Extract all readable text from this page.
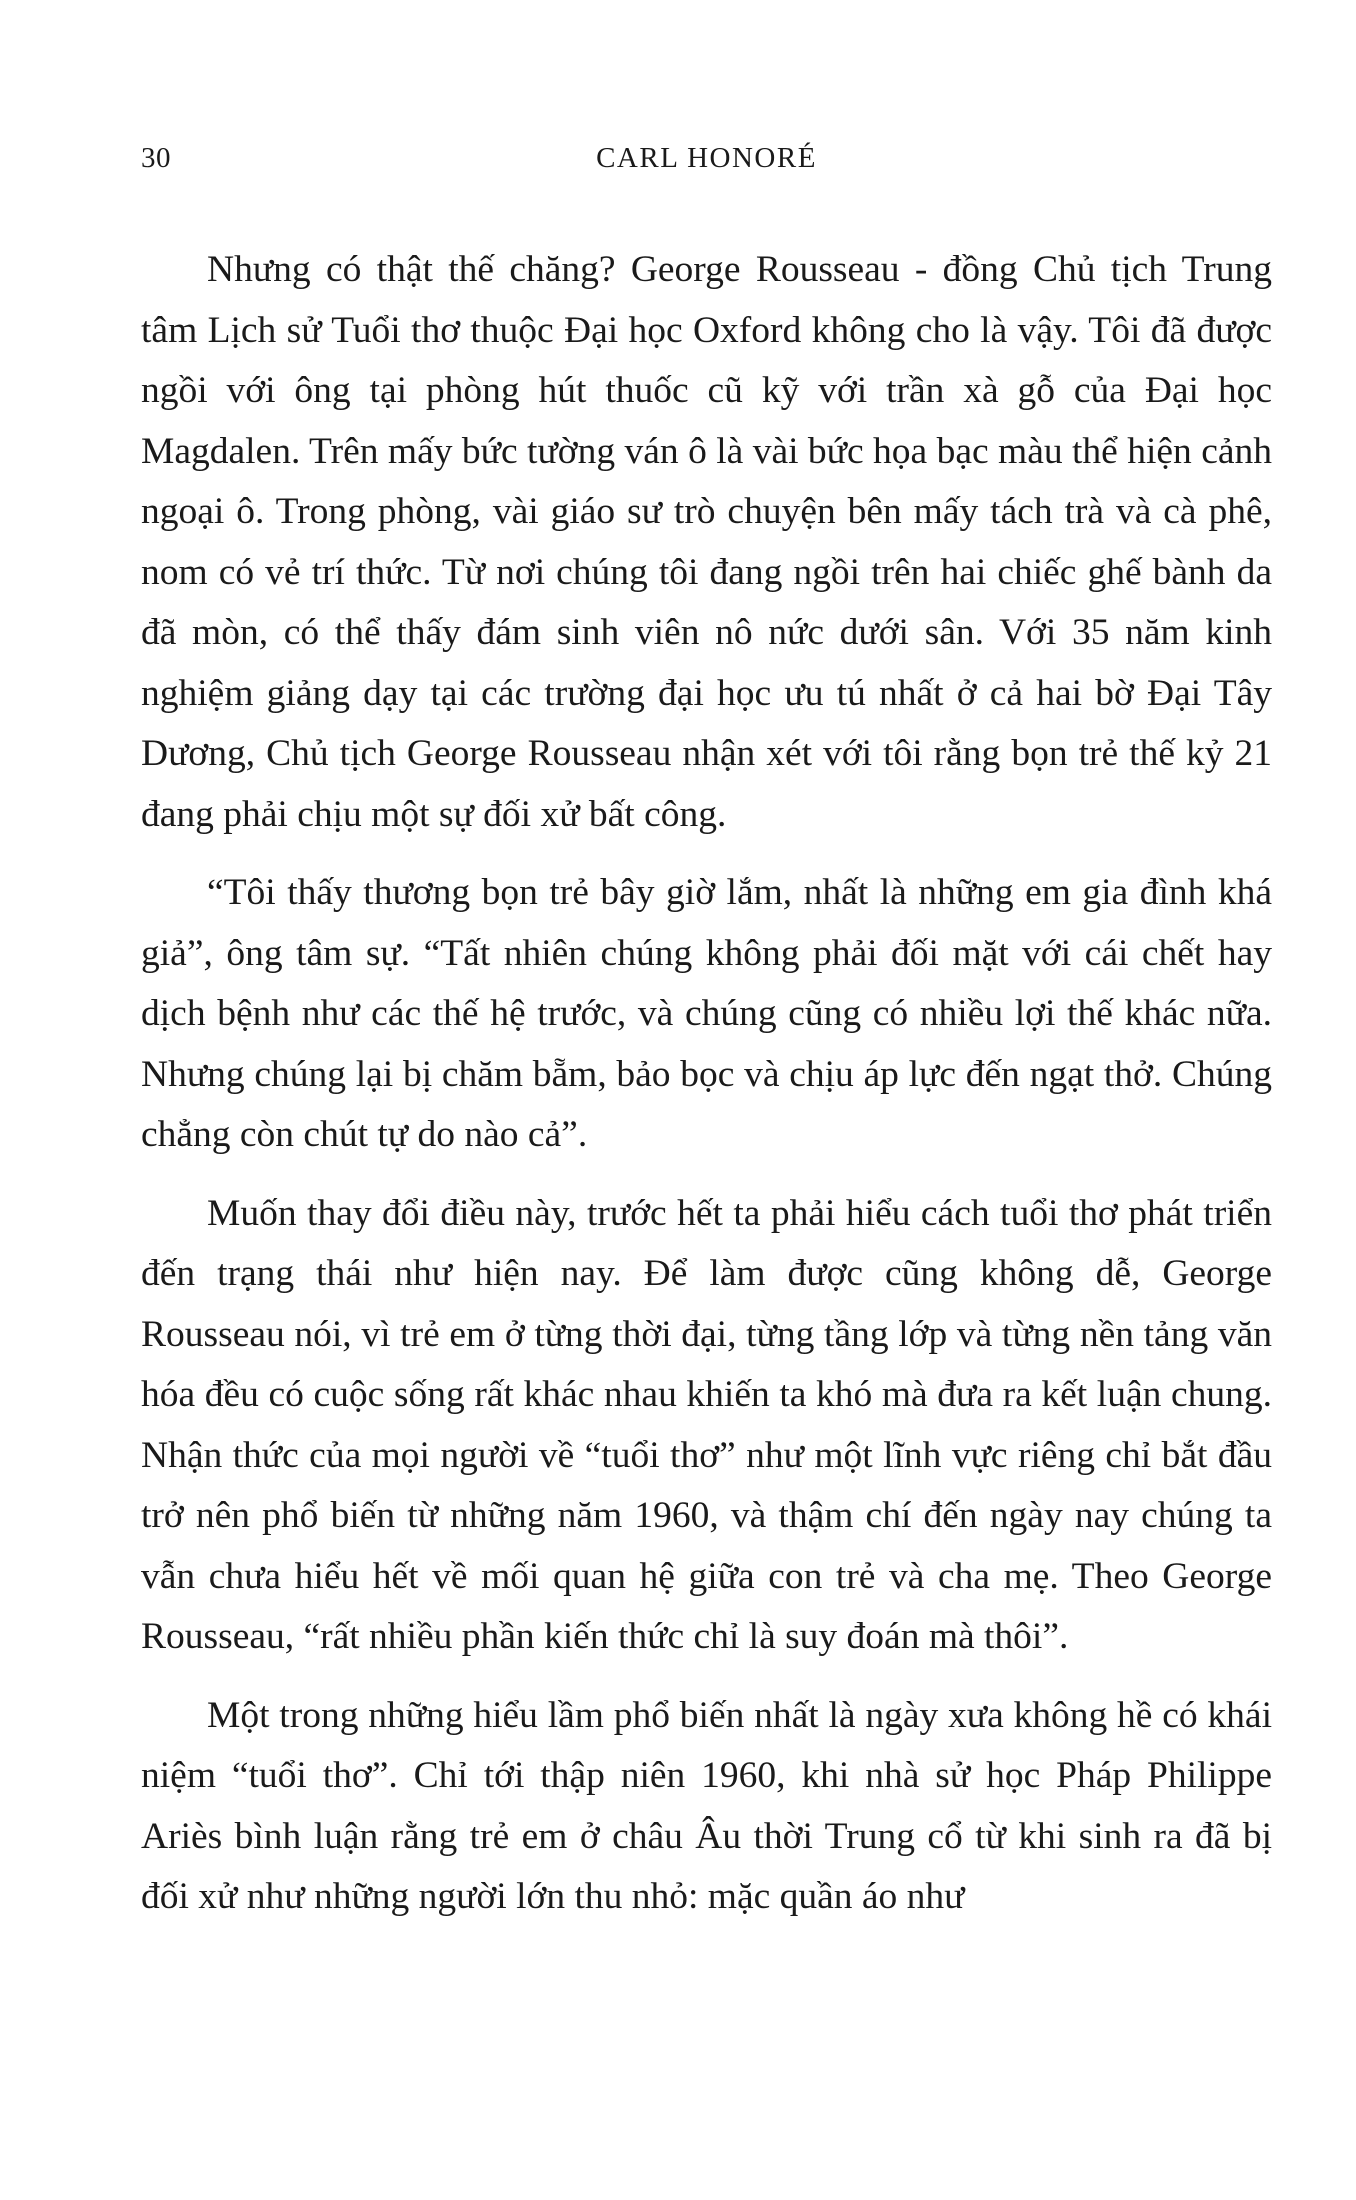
30	CARL HONORÉ

Nhưng có thật thế chăng? George Rousseau - đồng Chủ tịch Trung tâm Lịch sử Tuổi thơ thuộc Đại học Oxford không cho là vậy. Tôi đã được ngồi với ông tại phòng hút thuốc cũ kỹ với trần xà gỗ của Đại học Magdalen. Trên mấy bức tường ván ô là vài bức họa bạc màu thể hiện cảnh ngoại ô. Trong phòng, vài giáo sư trò chuyện bên mấy tách trà và cà phê, nom có vẻ trí thức. Từ nơi chúng tôi đang ngồi trên hai chiếc ghế bành da đã mòn, có thể thấy đám sinh viên nô nức dưới sân. Với 35 năm kinh nghiệm giảng dạy tại các trường đại học ưu tú nhất ở cả hai bờ Đại Tây Dương, Chủ tịch George Rousseau nhận xét với tôi rằng bọn trẻ thế kỷ 21 đang phải chịu một sự đối xử bất công.

“Tôi thấy thương bọn trẻ bây giờ lắm, nhất là những em gia đình khá giả”, ông tâm sự. “Tất nhiên chúng không phải đối mặt với cái chết hay dịch bệnh như các thế hệ trước, và chúng cũng có nhiều lợi thế khác nữa. Nhưng chúng lại bị chăm bẵm, bảo bọc và chịu áp lực đến ngạt thở. Chúng chẳng còn chút tự do nào cả”.

Muốn thay đổi điều này, trước hết ta phải hiểu cách tuổi thơ phát triển đến trạng thái như hiện nay. Để làm được cũng không dễ, George Rousseau nói, vì trẻ em ở từng thời đại, từng tầng lớp và từng nền tảng văn hóa đều có cuộc sống rất khác nhau khiến ta khó mà đưa ra kết luận chung. Nhận thức của mọi người về “tuổi thơ” như một lĩnh vực riêng chỉ bắt đầu trở nên phổ biến từ những năm 1960, và thậm chí đến ngày nay chúng ta vẫn chưa hiểu hết về mối quan hệ giữa con trẻ và cha mẹ. Theo George Rousseau, “rất nhiều phần kiến thức chỉ là suy đoán mà thôi”.

Một trong những hiểu lầm phổ biến nhất là ngày xưa không hề có khái niệm “tuổi thơ”. Chỉ tới thập niên 1960, khi nhà sử học Pháp Philippe Ariès bình luận rằng trẻ em ở châu Âu thời Trung cổ từ khi sinh ra đã bị đối xử như những người lớn thu nhỏ: mặc quần áo như
